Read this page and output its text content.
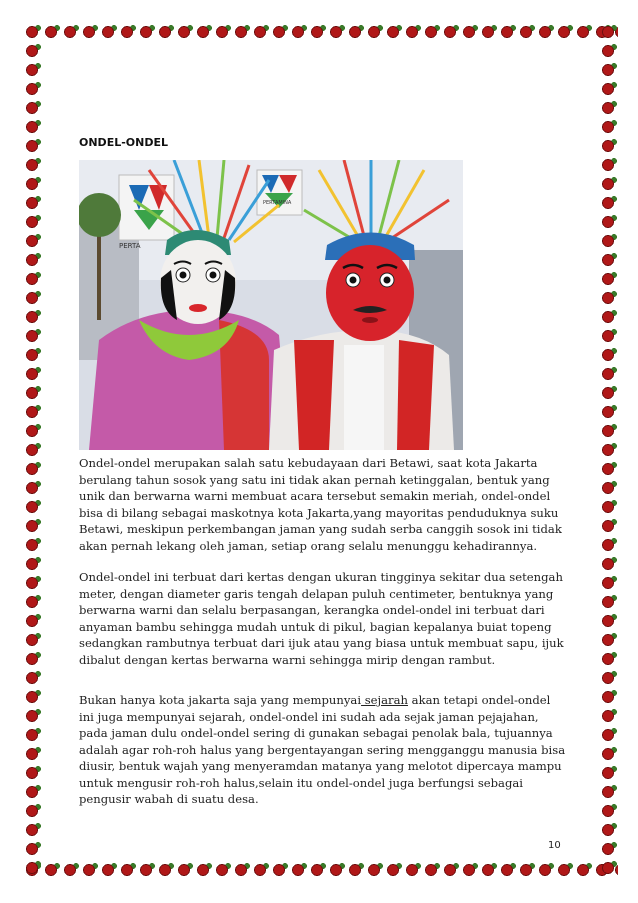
ONDEL-ONDEL
PERTAMINA
PERTA

Ondel-ondel merupakan salah satu kebudayaan dari Betawi, saat kota Jakarta berulang tahun sosok yang satu ini tidak akan pernah ketinggalan, bentuk yang unik dan berwarna warni membuat acara tersebut semakin meriah, ondel-ondel bisa di bilang sebagai maskotnya kota Jakarta,yang mayoritas penduduknya suku Betawi, meskipun perkembangan jaman yang sudah serba canggih sosok ini tidak akan pernah lekang oleh jaman, setiap orang selalu menunggu kehadirannya.

Ondel-ondel ini terbuat dari kertas dengan ukuran tingginya sekitar dua setengah meter, dengan diameter garis tengah delapan puluh centimeter, bentuknya yang berwarna warni dan selalu berpasangan, kerangka ondel-ondel ini terbuat dari anyaman bambu sehingga mudah untuk di pikul, bagian kepalanya buiat topeng sedangkan rambutnya terbuat dari ijuk atau yang biasa untuk membuat sapu, ijuk dibalut dengan kertas berwarna warni sehingga mirip dengan rambut.

Bukan hanya kota jakarta saja yang mempunyai sejarah akan tetapi ondel-ondel ini juga mempunyai sejarah, ondel-ondel ini sudah ada sejak jaman pejajahan, pada jaman dulu ondel-ondel sering di gunakan sebagai penolak bala, tujuannya adalah agar roh-roh halus yang bergentayangan sering mengganggu manusia bisa diusir, bentuk wajah yang menyeramdan matanya yang melotot dipercaya mampu untuk mengusir roh-roh halus,selain itu ondel-ondel juga berfungsi sebagai pengusir wabah di suatu desa.

10
